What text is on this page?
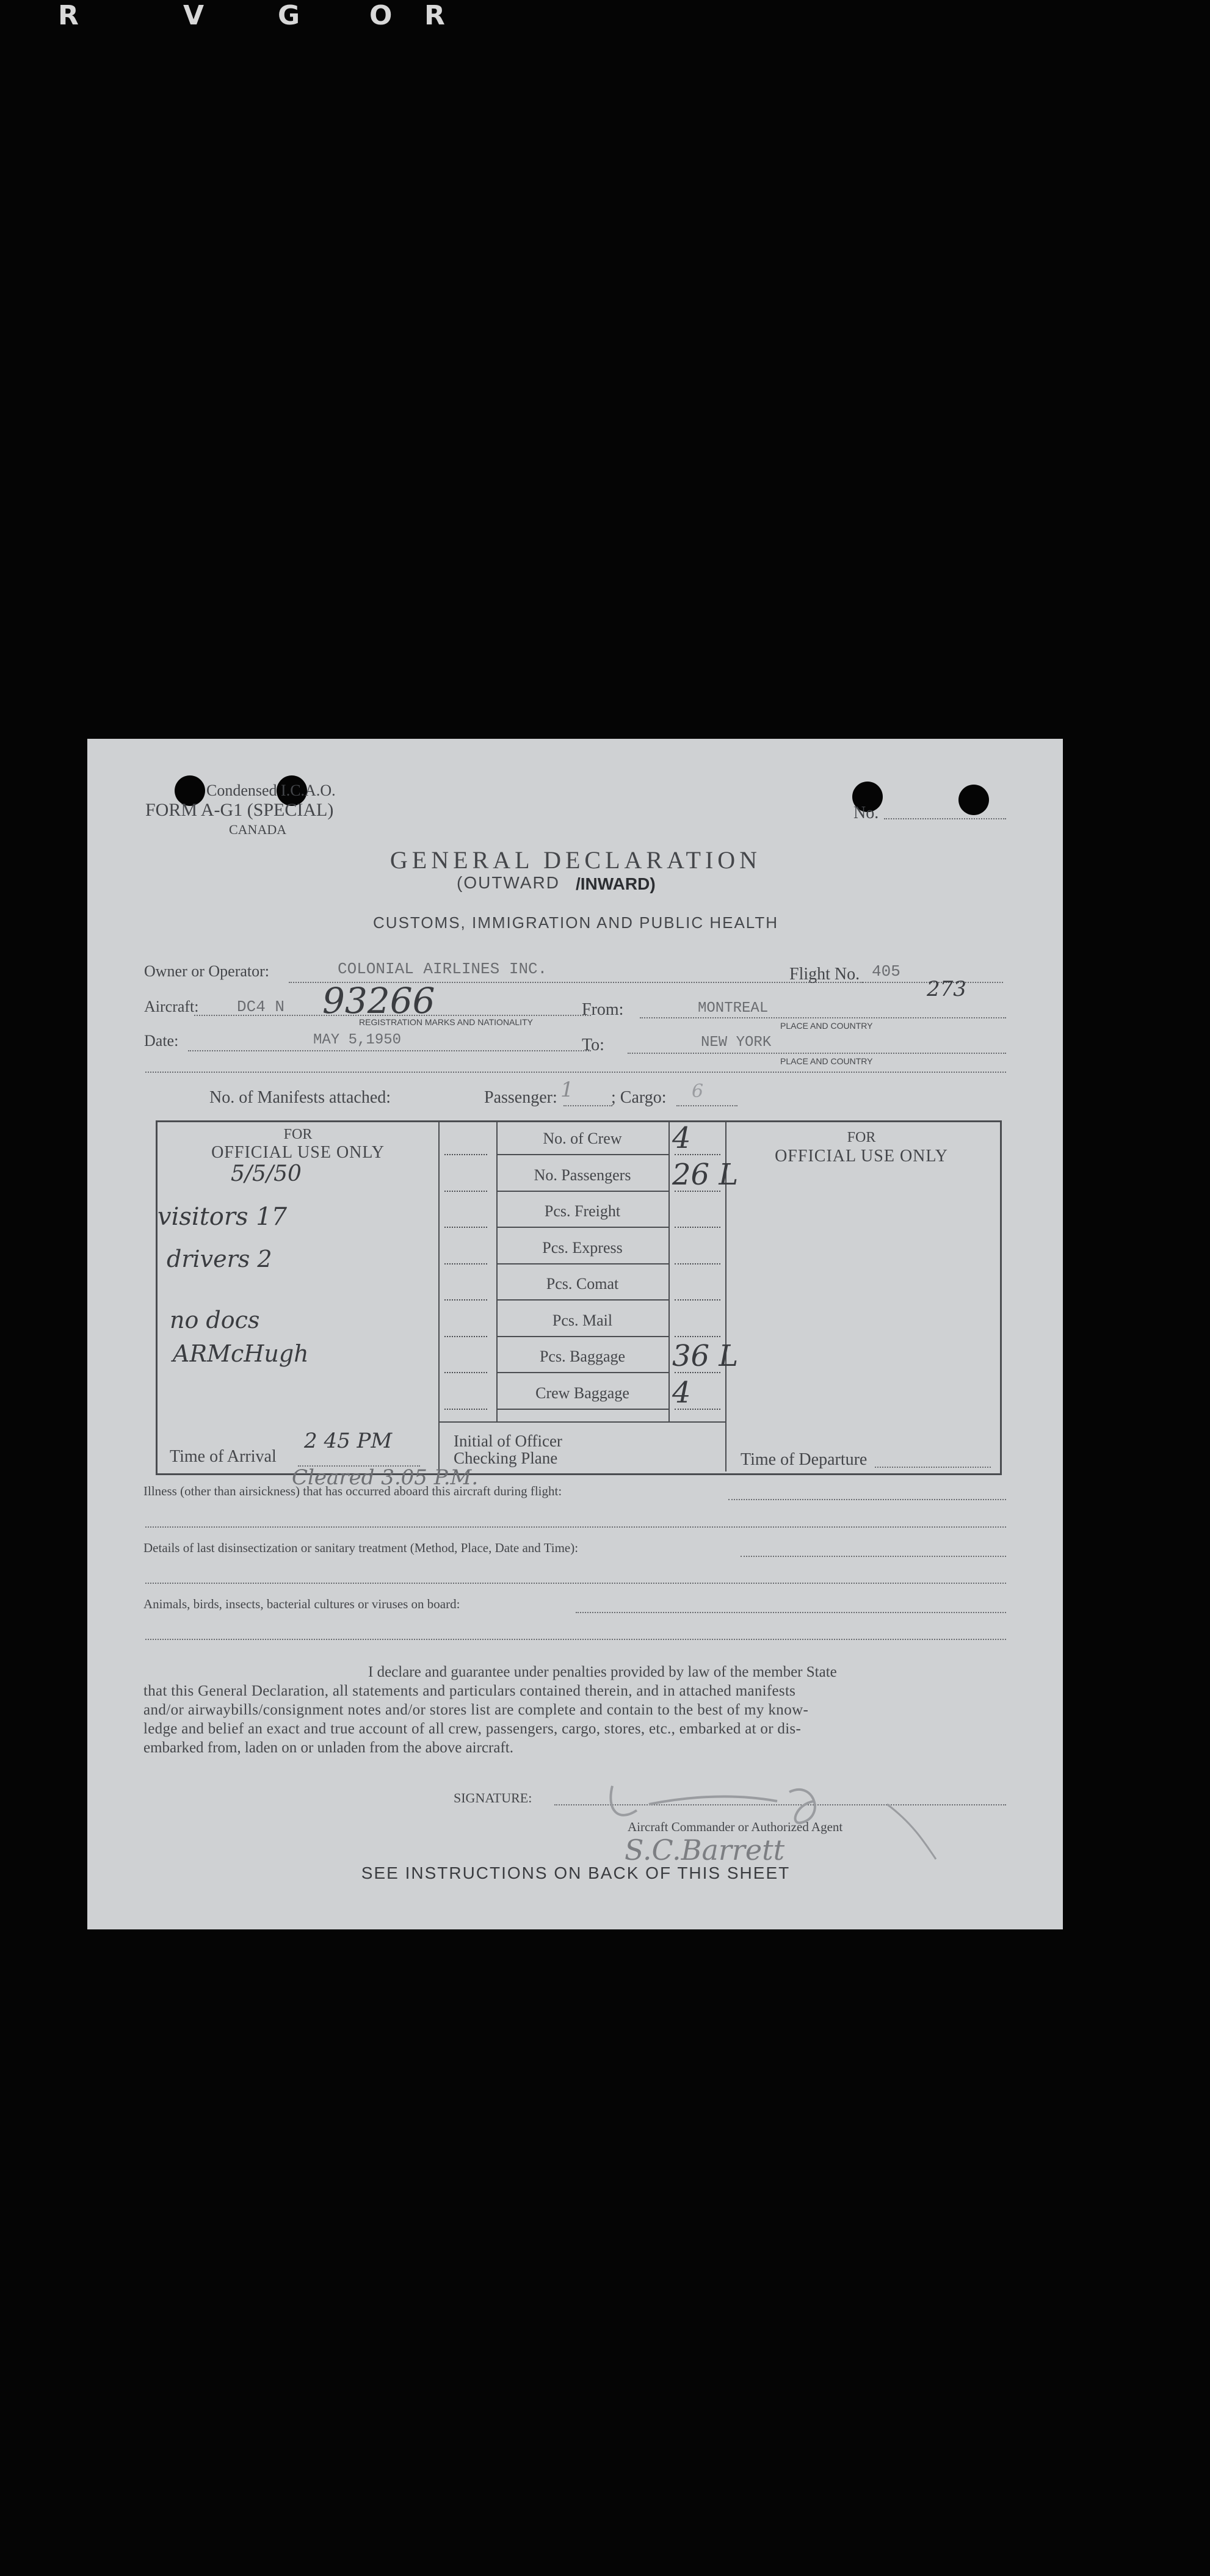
R	V	G	O R
Condensed I.C.A.O.
FORM A-G1 (SPECIAL)
CANADA
No.
GENERAL DECLARATION
(OUTWARD /INWARD)
CUSTOMS, IMMIGRATION AND PUBLIC HEALTH
Owner or Operator:	COLONIAL AIRLINES INC.	Flight No. 405
273
Aircraft: DC4 N 93266
REGISTRATION MARKS AND NATIONALITY
From:	MONTREAL
PLACE AND COUNTRY
Date:	MAY 5,1950	To:	NEW YORK
PLACE AND COUNTRY
No. of Manifests attached:	Passenger: 1 ; Cargo: 6
FOR
OFFICIAL USE ONLY
5/5/50
visitors 17
drivers 2
no docs
ARMcHugh
Time of Arrival
2 45 PM
Cleared 3.05 P.M.
No. of Crew	4
No. Passengers	26 L
Pcs. Freight
Pcs. Express
Pcs. Comat
Pcs. Mail
Pcs. Baggage	36 L
Crew Baggage	4
Initial of Officer
Checking Plane
FOR
OFFICIAL USE ONLY
Time of Departure
Illness (other than airsickness) that has occurred aboard this aircraft during flight:
Details of last disinsectization or sanitary treatment (Method, Place, Date and Time):
Animals, birds, insects, bacterial cultures or viruses on board:
I declare and guarantee under penalties provided by law of the member State
that this General Declaration, all statements and particulars contained therein, and in attached manifests
and/or airwaybills/consignment notes and/or stores list are complete and contain to the best of my know-
ledge and belief an exact and true account of all crew, passengers, cargo, stores, etc., embarked at or dis-
embarked from, laden on or unladen from the above aircraft.
SIGNATURE:
Aircraft Commander or Authorized Agent
S.C.Barrett
SEE INSTRUCTIONS ON BACK OF THIS SHEET
